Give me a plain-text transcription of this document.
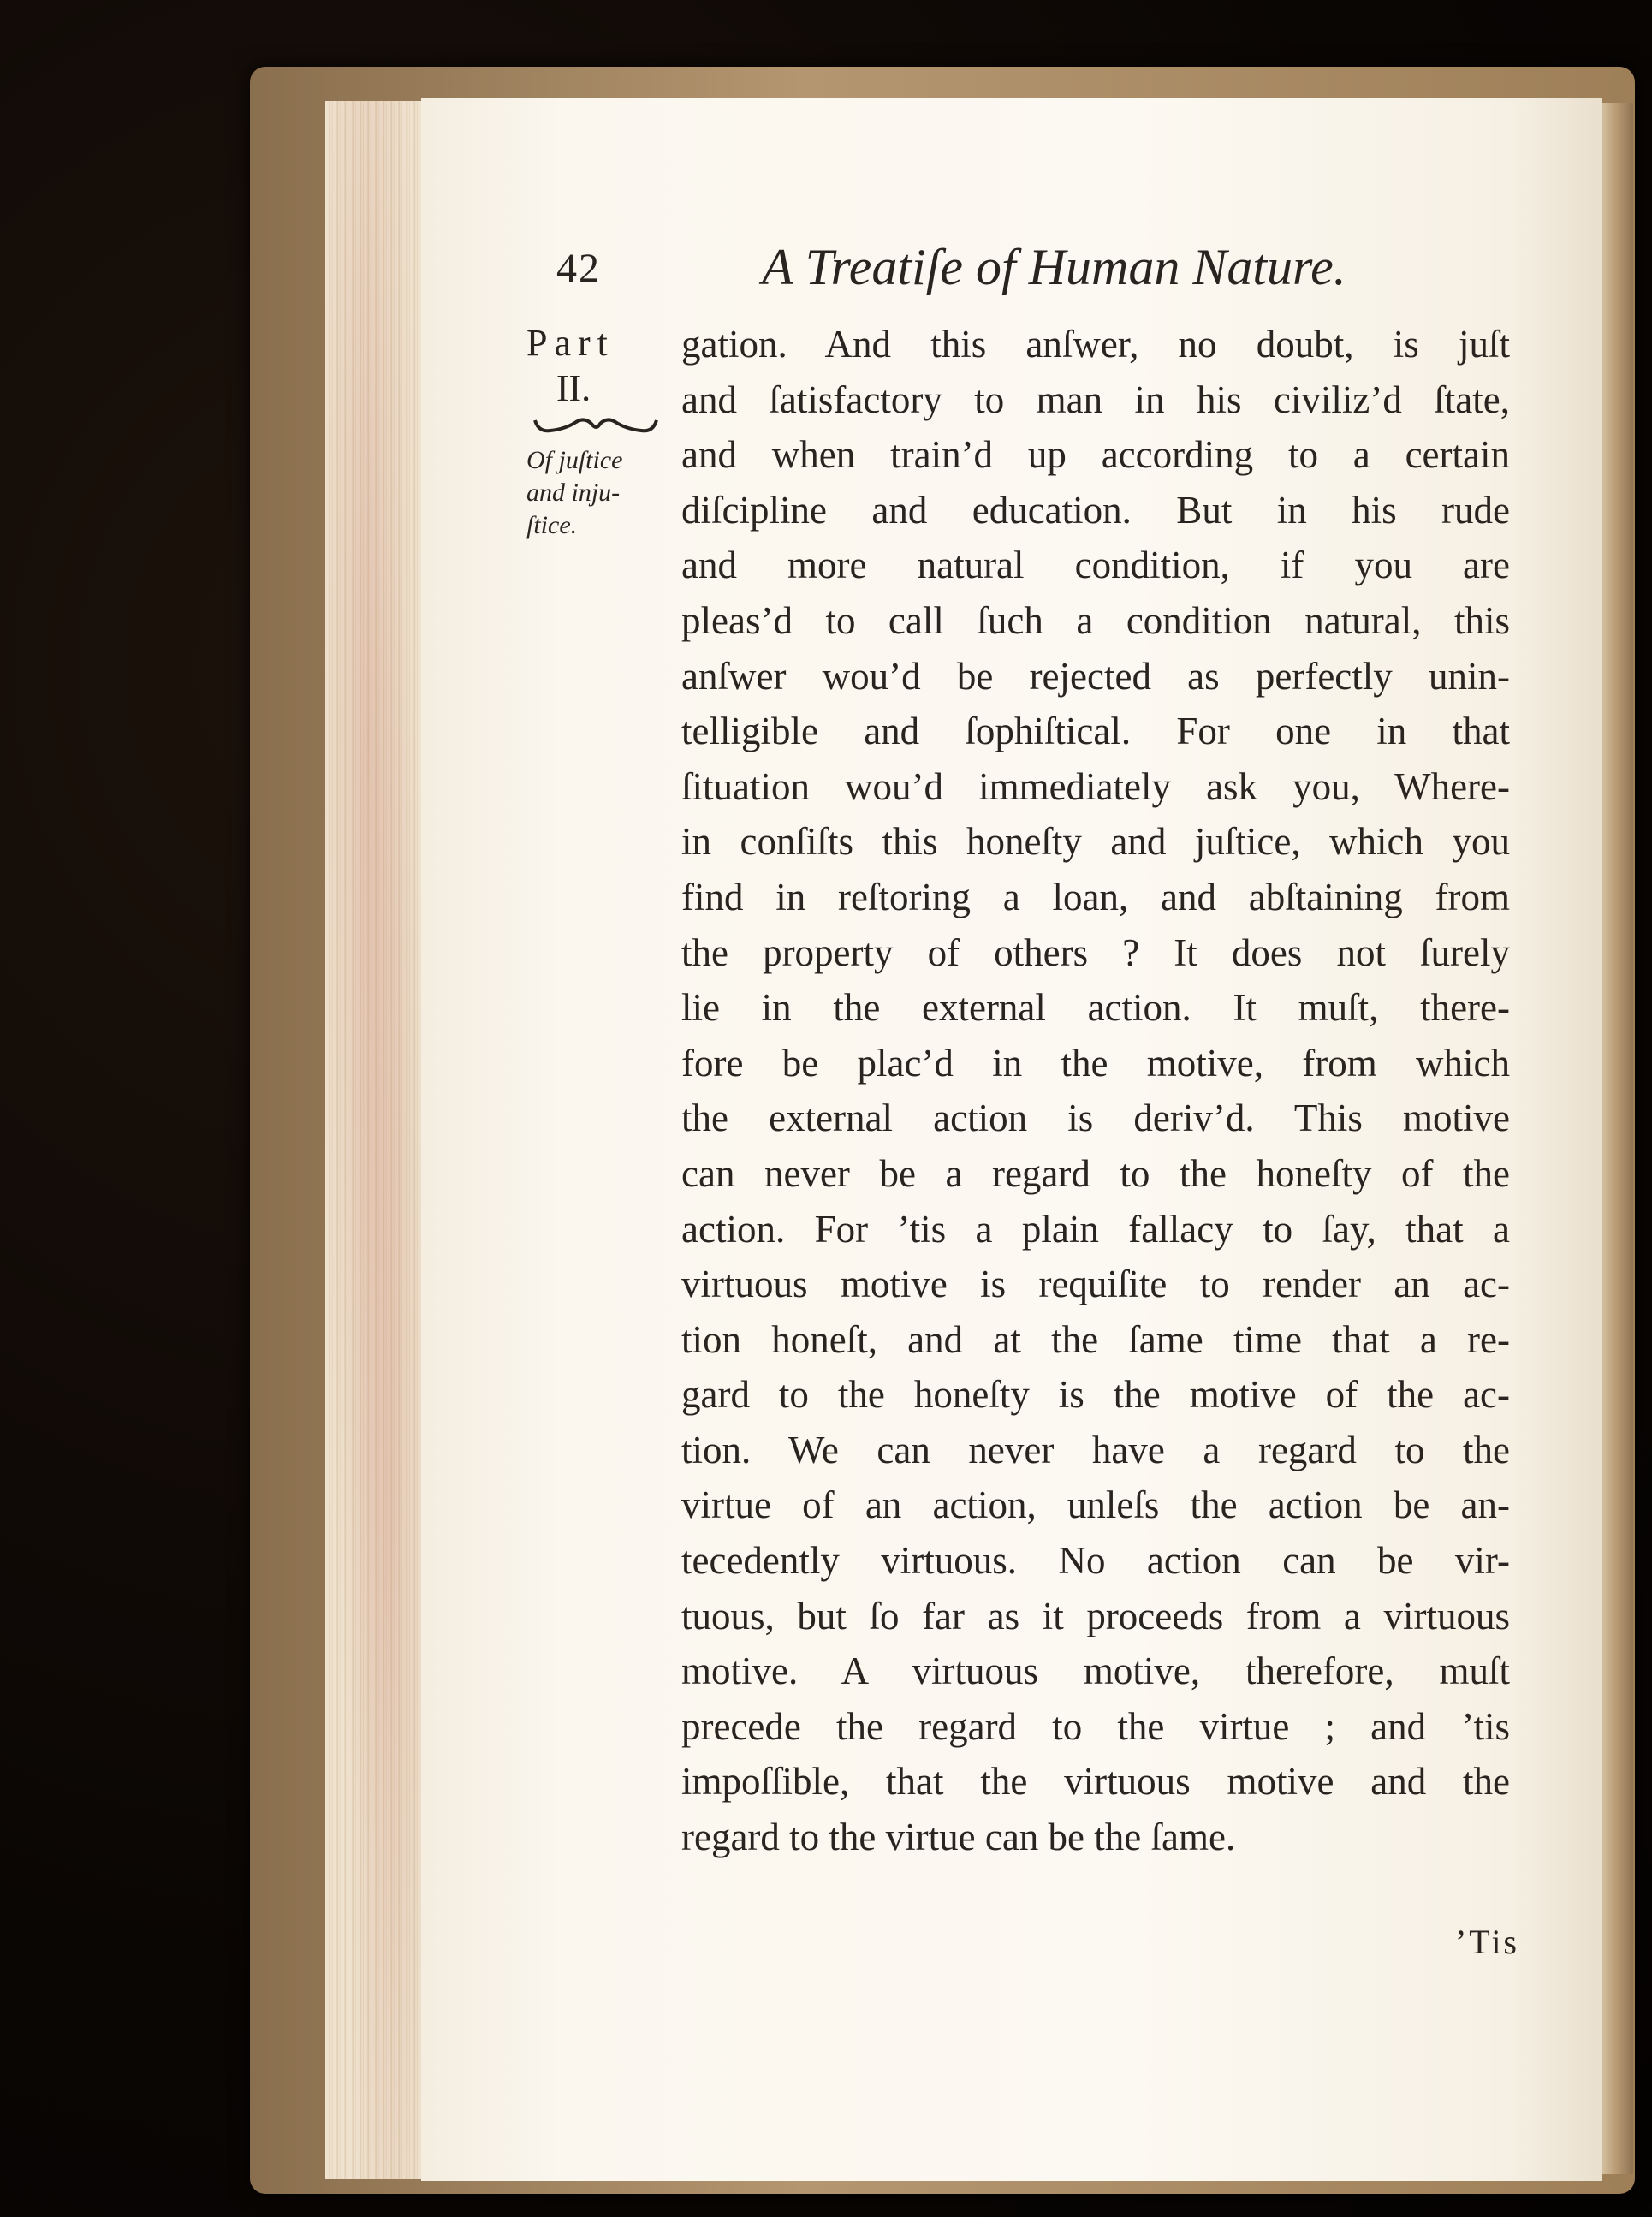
42	A Treatiſe of Human Nature.
Part
II.
Of juſtice
and inju-
ſtice.
gation. And this anſwer, no doubt, is juſt
and ſatisfactory to man in his civiliz’d ſtate,
and when train’d up according to a certain
diſcipline and education. But in his rude
and more natural condition, if you are
pleas’d to call ſuch a condition natural, this
anſwer wou’d be rejected as perfectly unin-
telligible and ſophiſtical. For one in that
ſituation wou’d immediately ask you, Where-
in conſiſts this honeſty and juſtice, which you
find in reſtoring a loan, and abſtaining from
the property of others ? It does not ſurely
lie in the external action. It muſt, there-
fore be plac’d in the motive, from which
the external action is deriv’d. This motive
can never be a regard to the honeſty of the
action. For ’tis a plain fallacy to ſay, that a
virtuous motive is requiſite to render an ac-
tion honeſt, and at the ſame time that a re-
gard to the honeſty is the motive of the ac-
tion. We can never have a regard to the
virtue of an action, unleſs the action be an-
tecedently virtuous. No action can be vir-
tuous, but ſo far as it proceeds from a virtuous
motive. A virtuous motive, therefore, muſt
precede the regard to the virtue ; and ’tis
impoſſible, that the virtuous motive and the
regard to the virtue can be the ſame.
’Tis
